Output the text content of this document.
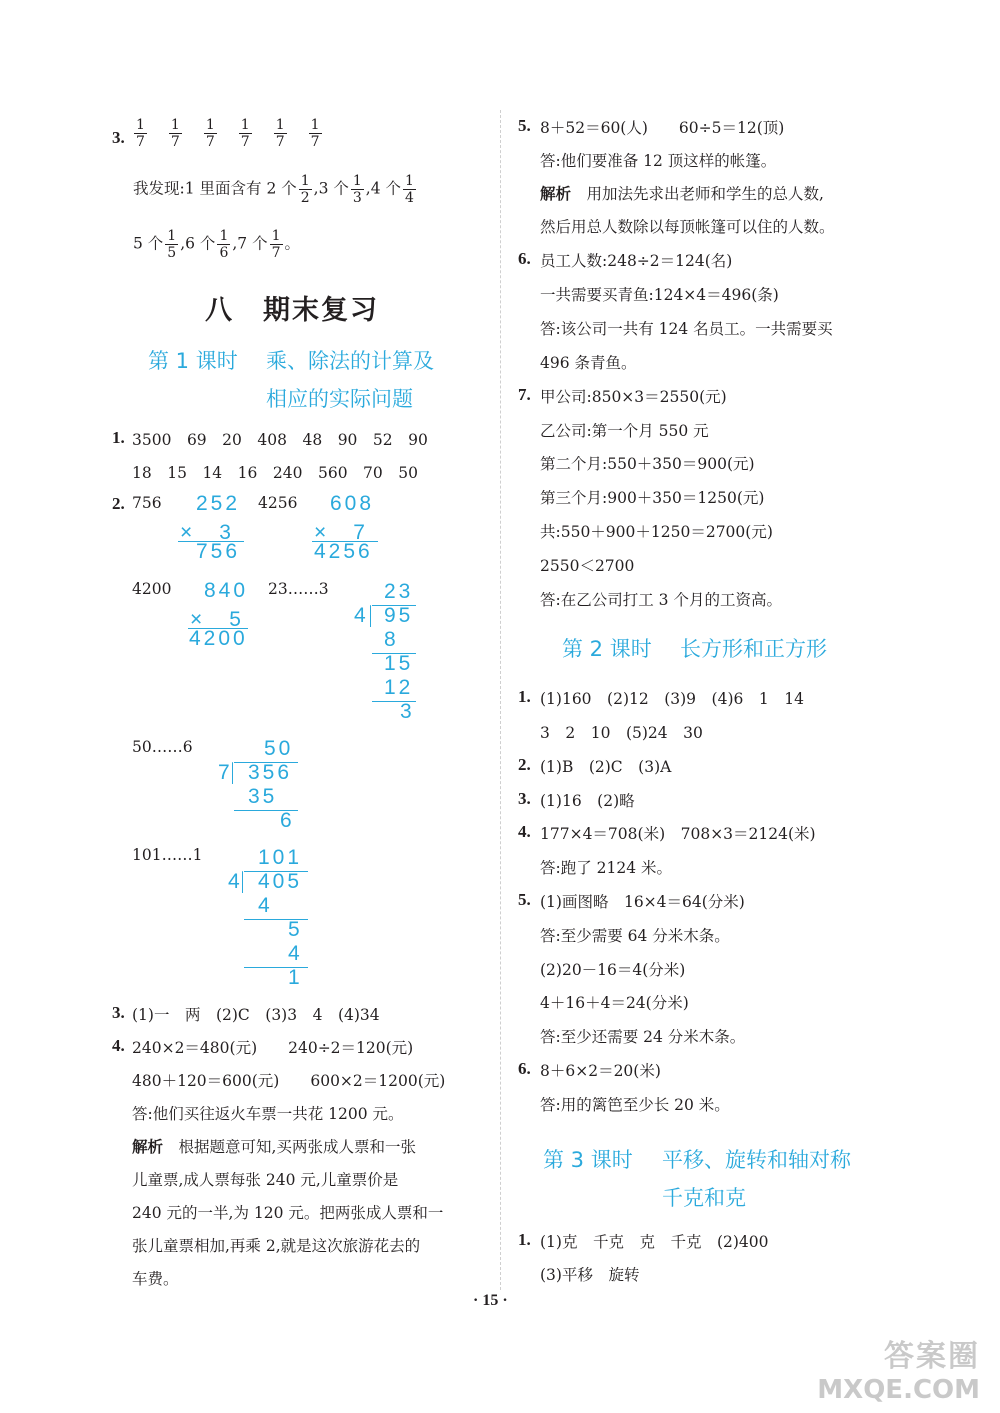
3. $\frac{1}{7} \frac{1}{7} \frac{1}{7} \frac{1}{7} \frac{1}{7} \frac{1}{7}$
我发现:1 里面含有 2 个 $\frac{1}{2} ,3$ 个 $\frac{1}{3} ,4$ 个 $\frac{1}{4}$
5 个 $\frac{1}{5} ,6$ 个 $\frac{1}{6} ,7$ 个 $\frac{1}{7}$ 。
八　期末复习
第 1 课时 乘、除法的计算及
相应的实际问题
1. 3500　69　20　408　48　90　52　90
18　15　14　16　240　560　70　50
2. 756	4256
252
×　3
756
608
×　7
4256
4200	23……3
840
×　5
4200
23
4 95
8
15
12
3
50……6	50
7 356
35
6
101……1	101
4 405
4
5
4
1
3. (1)一　两　(2)C　(3)3　4　(4)34
4. 240×2＝480(元)　　240÷2＝120(元)
480＋120＝600(元)　　600×2＝1200(元)
答:他们买往返火车票一共花 1200 元。
解析　根据题意可知,买两张成人票和一张
儿童票,成人票每张 240 元,儿童票价是
240 元的一半,为 120 元。把两张成人票和一
张儿童票相加,再乘 2,就是这次旅游花去的
车费。
5. 8＋52＝60(人)　　60÷5＝12(顶)
答:他们要准备 12 顶这样的帐篷。
解析　用加法先求出老师和学生的总人数,
然后用总人数除以每顶帐篷可以住的人数。
6. 员工人数:248÷2＝124(名)
一共需要买青鱼:124×4＝496(条)
答:该公司一共有 124 名员工。一共需要买
496 条青鱼。
7. 甲公司:850×3＝2550(元)
乙公司:第一个月 550 元
第二个月:550＋350＝900(元)
第三个月:900＋350＝1250(元)
共:550＋900＋1250＝2700(元)
2550＜2700
答:在乙公司打工 3 个月的工资高。
第 2 课时 长方形和正方形
1. (1)160　(2)12　(3)9　(4)6　1　14
3　2　10　(5)24　30
2. (1)B　(2)C　(3)A
3. (1)16　(2)略
4. 177×4＝708(米)　708×3＝2124(米)
答:跑了 2124 米。
5. (1)画图略　16×4＝64(分米)
答:至少需要 64 分米木条。
(2)20－16＝4(分米)
4＋16＋4＝24(分米)
答:至少还需要 24 分米木条。
6. 8＋6×2＝20(米)
答:用的篱笆至少长 20 米。
第 3 课时 平移、旋转和轴对称
千克和克
1. (1)克　千克　克　千克　(2)400
(3)平移　旋转
· 15 ·
答案圈
MXQE.COM
